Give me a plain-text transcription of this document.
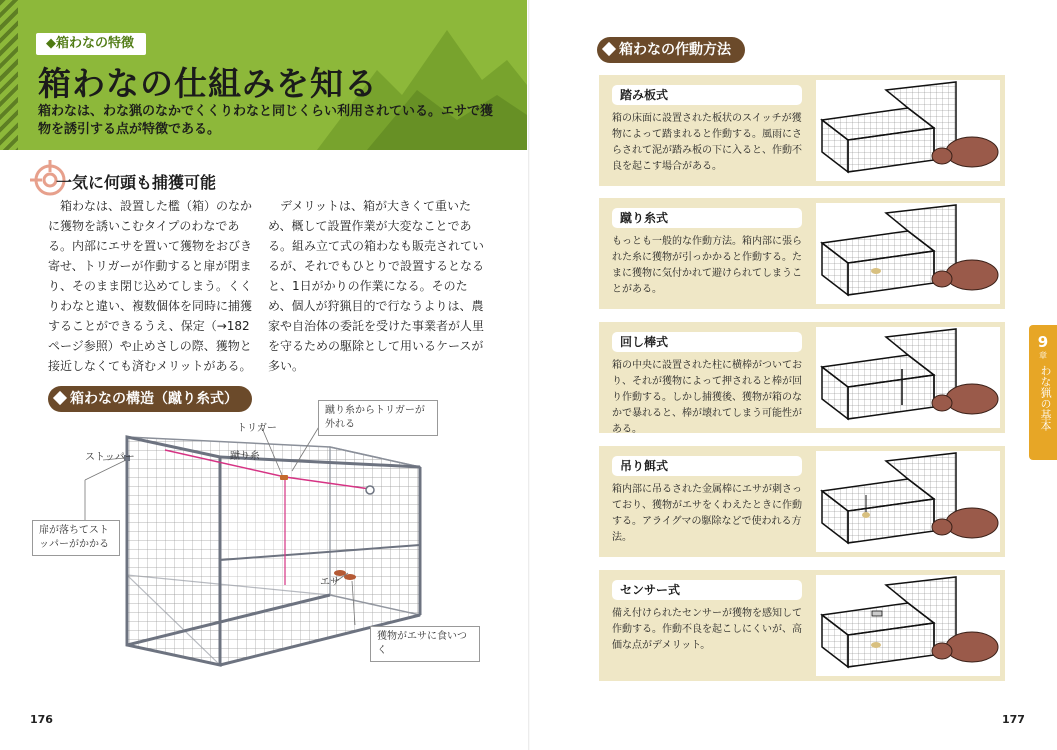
◆箱わなの特徴
箱わなの仕組みを知る
箱わなは、わな猟のなかでくくりわなと同じくらい利用されている。エサで獲物を誘引する点が特徴である。
一気に何頭も捕獲可能
箱わなは、設置した檻（箱）のなかに獲物を誘いこむタイプのわなである。内部にエサを置いて獲物をおびき寄せ、トリガーが作動すると扉が閉まり、そのまま閉じ込めてしまう。くくりわなと違い、複数個体を同時に捕獲することができるうえ、保定（→182ページ参照）や止めさしの際、獲物と接近しなくても済むメリットがある。
デメリットは、箱が大きくて重いため、概して設置作業が大変なことである。組み立て式の箱わなも販売されているが、それでもひとりで設置するとなると、1日がかりの作業になる。そのため、個人が狩猟目的で行なうよりは、農家や自治体の委託を受けた事業者が人里を守るための駆除として用いるケースが多い。
箱わなの構造（蹴り糸式）
ストッパー
トリガー
蹴り糸
エサ
蹴り糸からトリガーが外れる
扉が落ちてストッパーがかかる
獲物がエサに食いつく
176
箱わなの作動方法
踏み板式
箱の床面に設置された板状のスイッチが獲物によって踏まれると作動する。風雨にさらされて泥が踏み板の下に入ると、作動不良を起こす場合がある。
蹴り糸式
もっとも一般的な作動方法。箱内部に張られた糸に獲物が引っかかると作動する。たまに獲物に気付かれて避けられてしまうことがある。
回し棒式
箱の中央に設置された柱に横棒がついており、それが獲物によって押されると棒が回り作動する。しかし捕獲後、獲物が箱のなかで暴れると、棒が壊れてしまう可能性がある。
吊り餌式
箱内部に吊るされた金属棒にエサが刺さっており、獲物がエサをくわえたときに作動する。アライグマの駆除などで使われる方法。
センサー式
備え付けられたセンサーが獲物を感知して作動する。作動不良を起こしにくいが、高価な点がデメリット。
9
章
わな猟の基本
177
